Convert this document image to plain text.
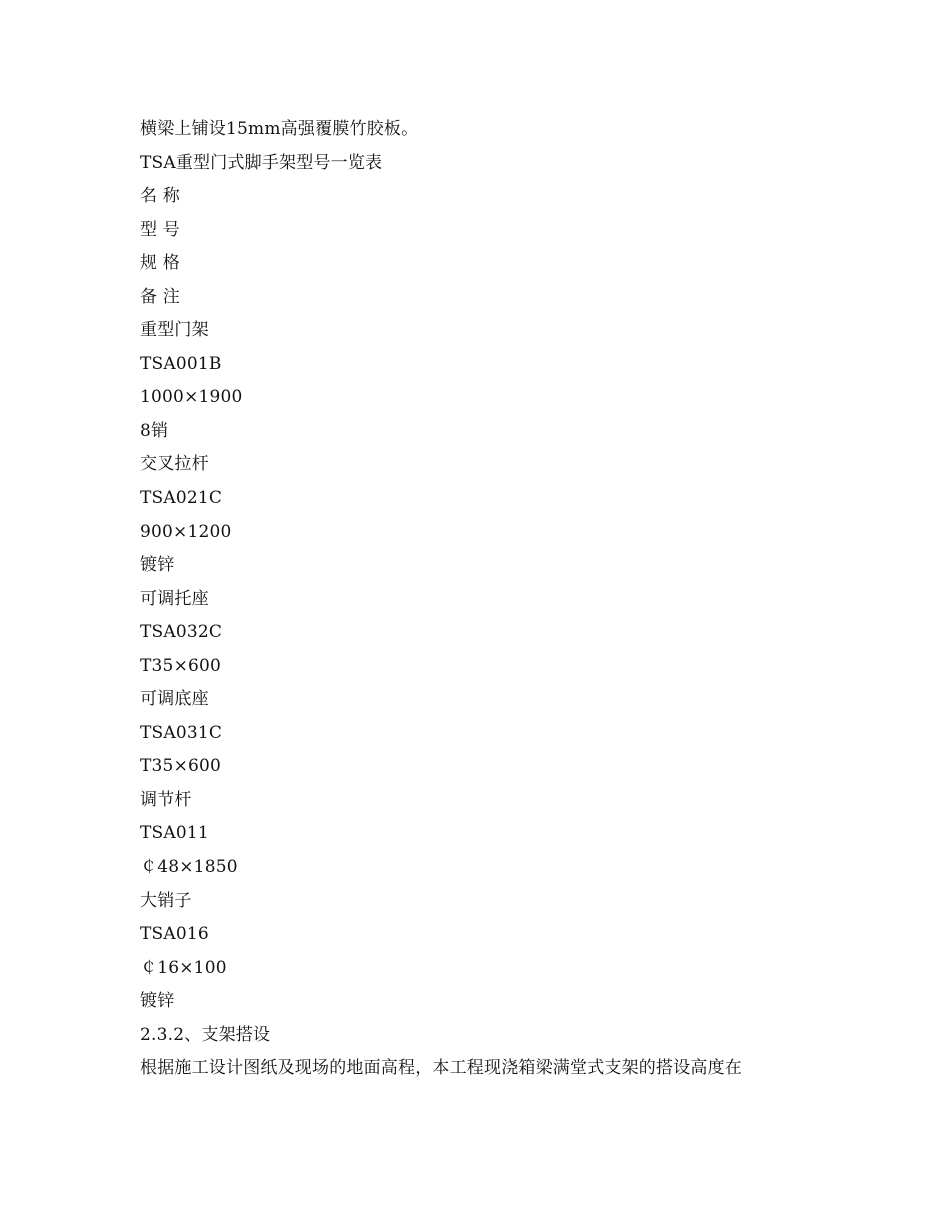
横梁上铺设15mm高强覆膜竹胶板。
TSA重型门式脚手架型号一览表
名 称
型 号
规 格
备 注
重型门架
TSA001B
1000×1900
8销
交叉拉杆
TSA021C
900×1200
镀锌
可调托座
TSA032C
T35×600
可调底座
TSA031C
T35×600
调节杆
TSA011
￠48×1850
大销子
TSA016
￠16×100
镀锌
2.3.2、支架搭设
根据施工设计图纸及现场的地面高程，本工程现浇箱梁满堂式支架的搭设高度在
